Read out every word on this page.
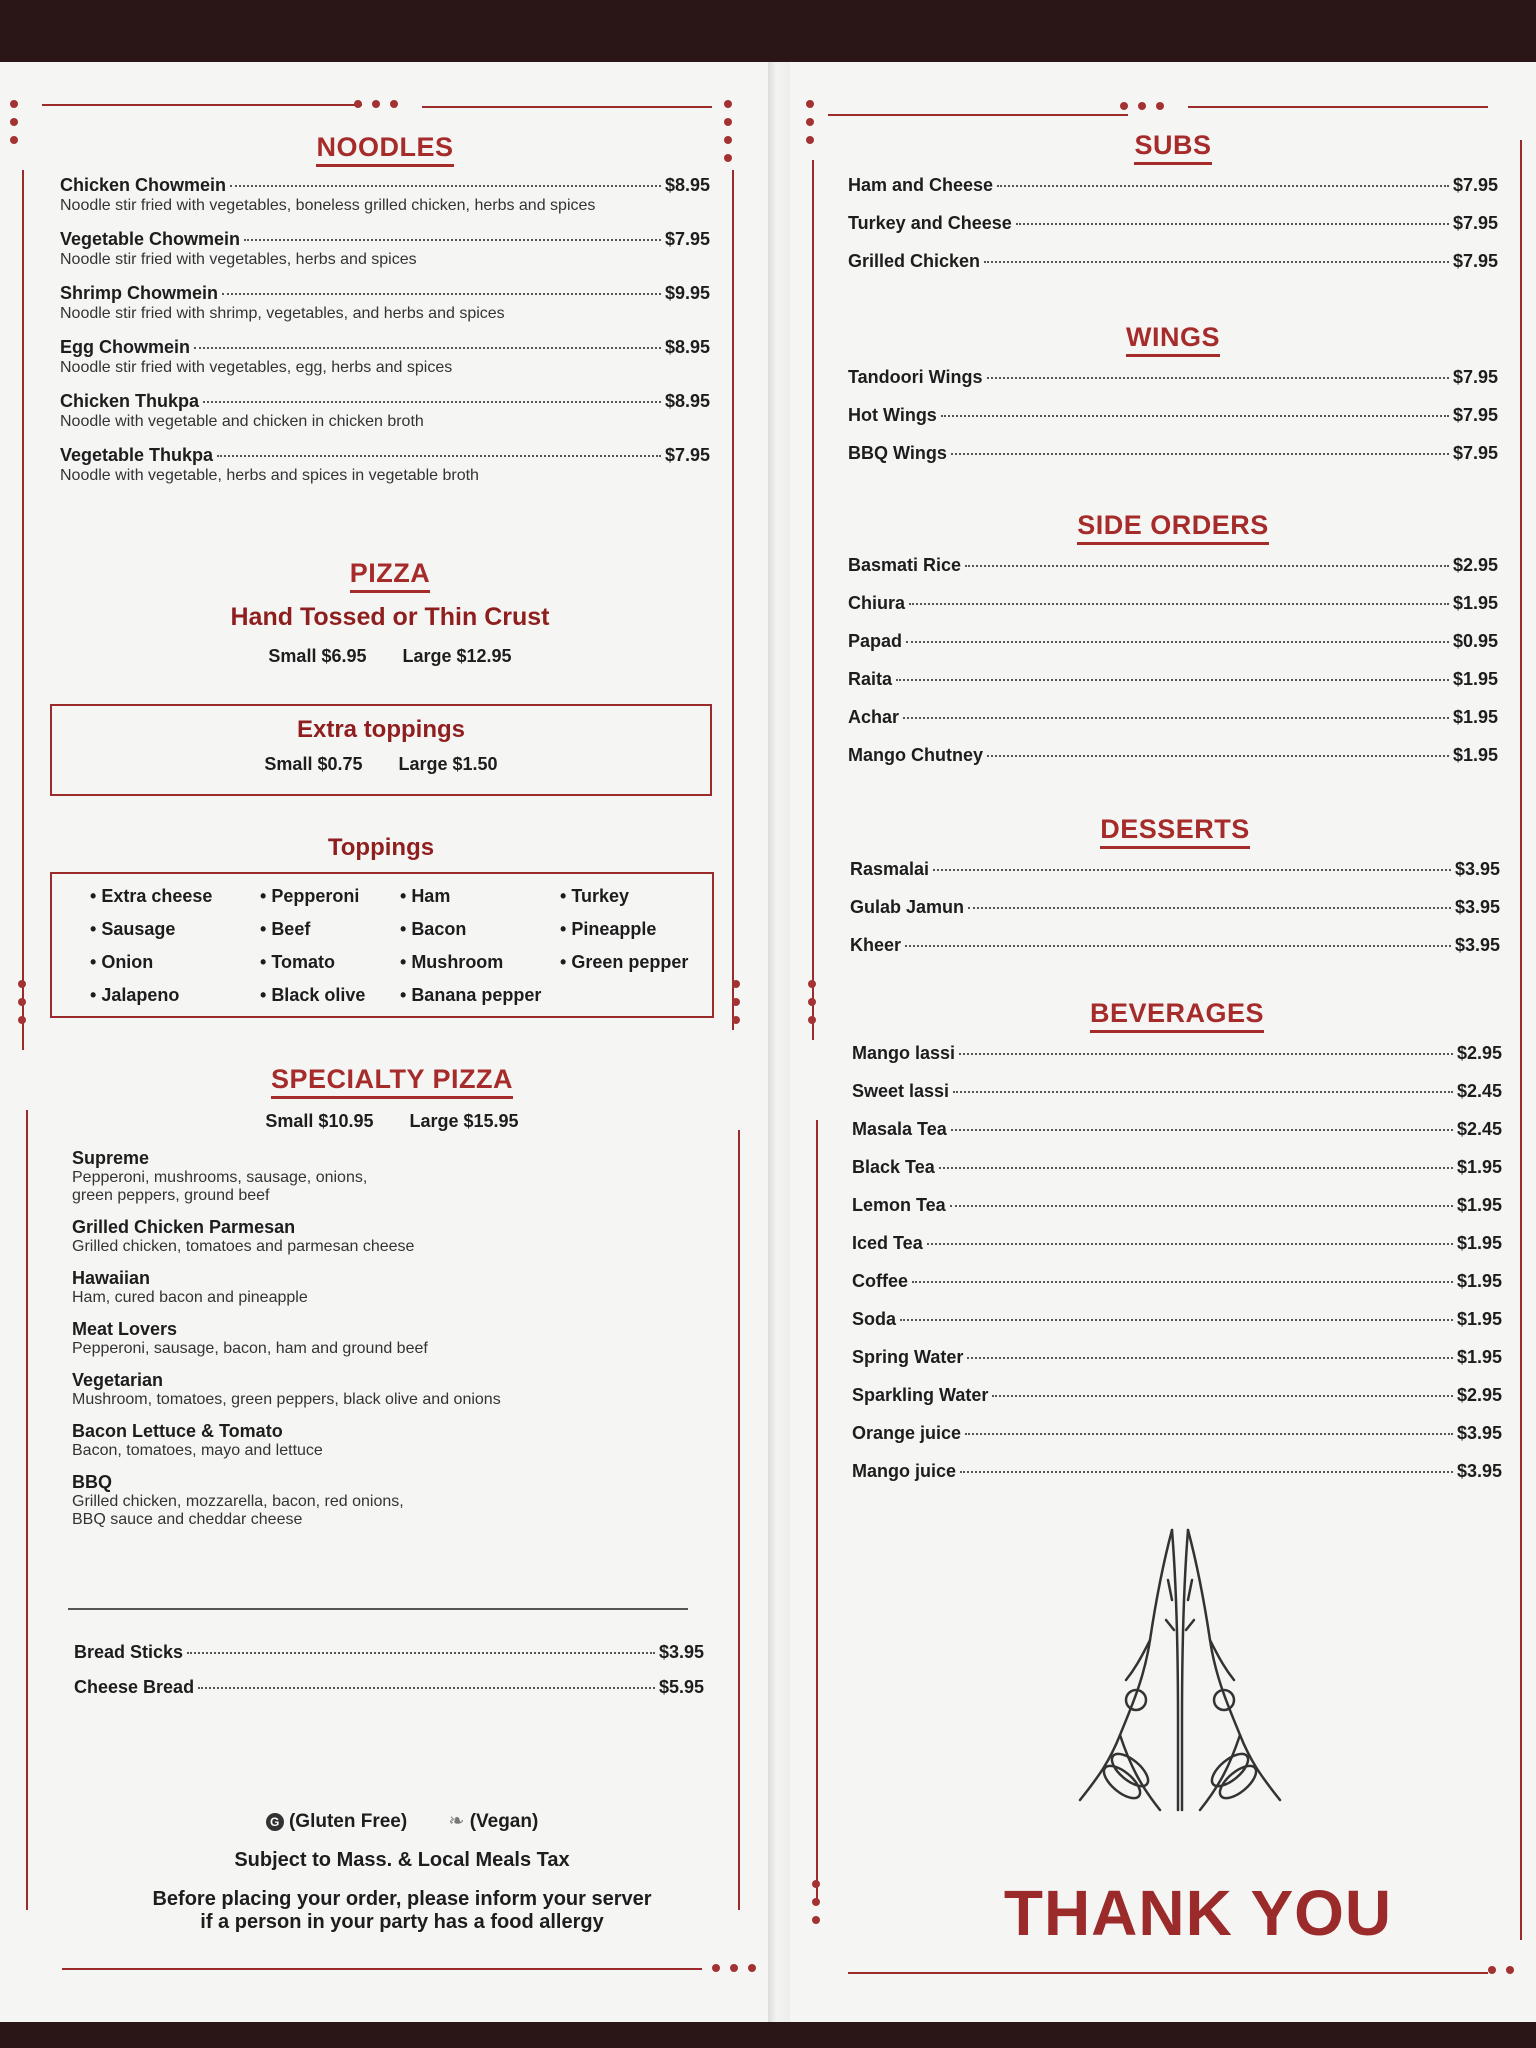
NOODLES
Chicken Chowmein	$8.95
Noodle stir fried with vegetables, boneless grilled chicken, herbs and spices
Vegetable Chowmein	$7.95
Noodle stir fried with vegetables, herbs and spices
Shrimp Chowmein	$9.95
Noodle stir fried with shrimp, vegetables, and herbs and spices
Egg Chowmein	$8.95
Noodle stir fried with vegetables, egg, herbs and spices
Chicken Thukpa	$8.95
Noodle with vegetable and chicken in chicken broth
Vegetable Thukpa	$7.95
Noodle with vegetable, herbs and spices in vegetable broth
PIZZA
Hand Tossed or Thin Crust
Small $6.95 Large $12.95
Extra toppings
Small $0.75 Large $1.50
Toppings
• Extra cheese	• Pepperoni	• Ham	• Turkey
• Sausage	• Beef	• Bacon	• Pineapple
• Onion	• Tomato	• Mushroom	• Green pepper
• Jalapeno	• Black olive	• Banana pepper
SPECIALTY PIZZA
Small $10.95 Large $15.95
Supreme
Pepperoni, mushrooms, sausage, onions,
green peppers, ground beef
Grilled Chicken Parmesan
Grilled chicken, tomatoes and parmesan cheese
Hawaiian
Ham, cured bacon and pineapple
Meat Lovers
Pepperoni, sausage, bacon, ham and ground beef
Vegetarian
Mushroom, tomatoes, green peppers, black olive and onions
Bacon Lettuce & Tomato
Bacon, tomatoes, mayo and lettuce
BBQ
Grilled chicken, mozzarella, bacon, red onions,
BBQ sauce and cheddar cheese
Bread Sticks	$3.95
Cheese Bread	$5.95
G (Gluten Free) ❧ (Vegan)
Subject to Mass. & Local Meals Tax
Before placing your order, please inform your server
if a person in your party has a food allergy
SUBS
Ham and Cheese	$7.95
Turkey and Cheese	$7.95
Grilled Chicken	$7.95
WINGS
Tandoori Wings	$7.95
Hot Wings	$7.95
BBQ Wings	$7.95
SIDE ORDERS
Basmati Rice	$2.95
Chiura	$1.95
Papad	$0.95
Raita	$1.95
Achar	$1.95
Mango Chutney	$1.95
DESSERTS
Rasmalai	$3.95
Gulab Jamun	$3.95
Kheer	$3.95
BEVERAGES
Mango lassi	$2.95
Sweet lassi	$2.45
Masala Tea	$2.45
Black Tea	$1.95
Lemon Tea	$1.95
Iced Tea	$1.95
Coffee	$1.95
Soda	$1.95
Spring Water	$1.95
Sparkling Water	$2.95
Orange juice	$3.95
Mango juice	$3.95
THANK YOU
